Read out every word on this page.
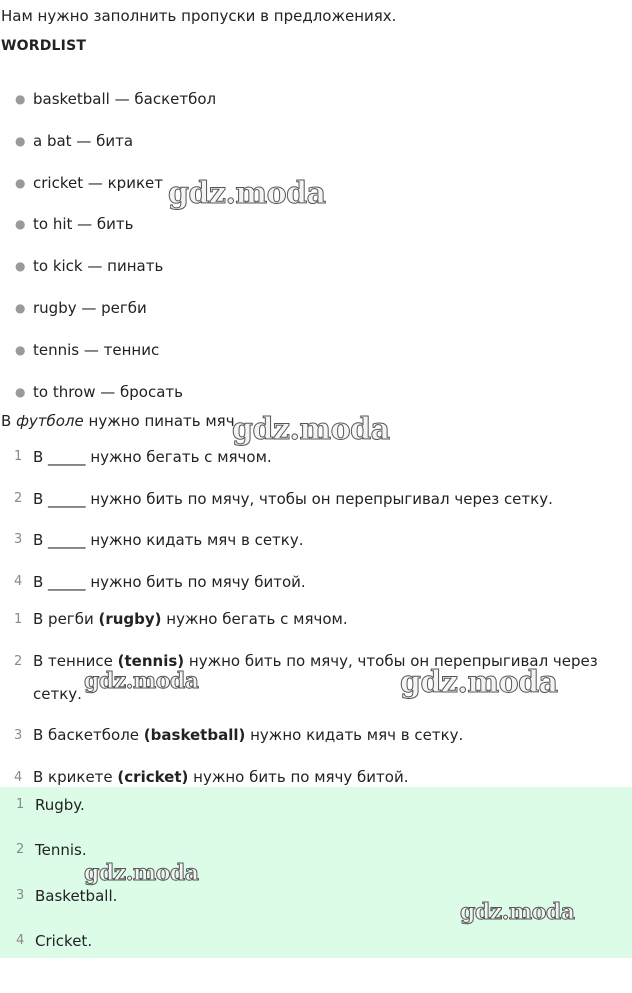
Нам нужно заполнить пропуски в предложениях.

WORDLIST
● basketball — баскетбол
● a bat — бита
● cricket — крикет
● to hit — бить
● to kick — пинать
● rugby — регби
● tennis — теннис
● to throw — бросать

В футболе нужно пинать мяч.

1 В _____ нужно бегать с мячом.
2 В _____ нужно бить по мячу, чтобы он перепрыгивал через сетку.
3 В _____ нужно кидать мяч в сетку.
4 В _____ нужно бить по мячу битой.
1 В регби (rugby) нужно бегать с мячом.
2 В теннисе (tennis) нужно бить по мячу, чтобы он перепрыгивал через сетку.
3 В баскетболе (basketball) нужно кидать мяч в сетку.
4 В крикете (cricket) нужно бить по мячу битой.
1 Rugby.
2 Tennis.
3 Basketball.
4 Cricket.
gdz.moda
gdz.moda
gdz.moda	gdz.moda
gdz.moda
gdz.moda
